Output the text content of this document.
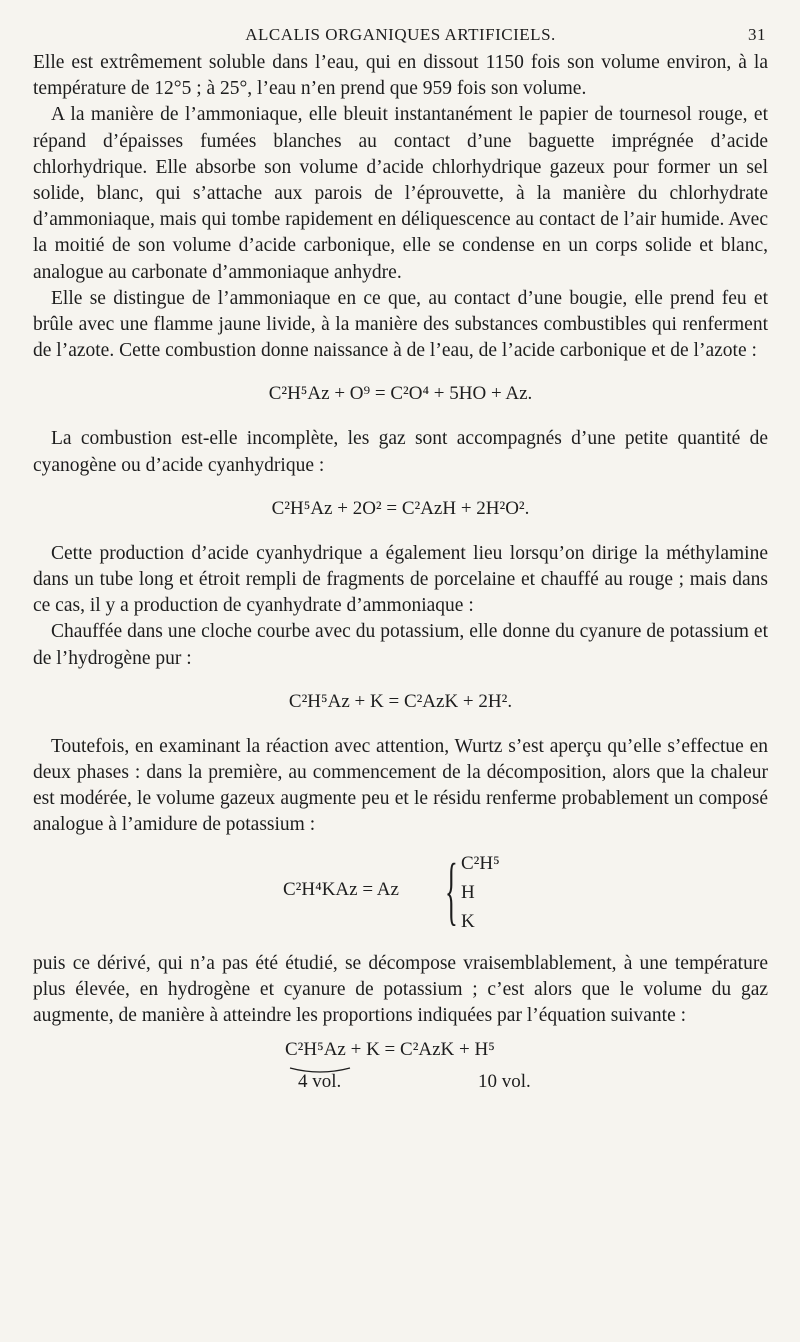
ALCALIS ORGANIQUES ARTIFICIELS.	31

Elle est extrêmement soluble dans l’eau, qui en dissout 1150 fois son volume environ, à la température de 12°5 ; à 25°, l’eau n’en prend que 959 fois son volume.

A la manière de l’ammoniaque, elle bleuit instantanément le papier de tournesol rouge, et répand d’épaisses fumées blanches au contact d’une baguette imprégnée d’acide chlorhydrique. Elle absorbe son volume d’acide chlorhydrique gazeux pour former un sel solide, blanc, qui s’attache aux parois de l’éprouvette, à la manière du chlorhydrate d’ammoniaque, mais qui tombe rapidement en déliquescence au contact de l’air humide. Avec la moitié de son volume d’acide carbonique, elle se condense en un corps solide et blanc, analogue au carbonate d’ammoniaque anhydre.

Elle se distingue de l’ammoniaque en ce que, au contact d’une bougie, elle prend feu et brûle avec une flamme jaune livide, à la manière des substances combustibles qui renferment de l’azote. Cette combustion donne naissance à de l’eau, de l’acide carbonique et de l’azote :

C²H⁵Az + O⁹ = C²O⁴ + 5HO + Az.

La combustion est-elle incomplète, les gaz sont accompagnés d’une petite quantité de cyanogène ou d’acide cyanhydrique :

C²H⁵Az + 2O² = C²AzH + 2H²O².

Cette production d’acide cyanhydrique a également lieu lorsqu’on dirige la méthylamine dans un tube long et étroit rempli de fragments de porcelaine et chauffé au rouge ; mais dans ce cas, il y a production de cyanhydrate d’ammoniaque :

Chauffée dans une cloche courbe avec du potassium, elle donne du cyanure de potassium et de l’hydrogène pur :

C²H⁵Az + K = C²AzK + 2H².

Toutefois, en examinant la réaction avec attention, Wurtz s’est aperçu qu’elle s’effectue en deux phases : dans la première, au commencement de la décomposition, alors que la chaleur est modérée, le volume gazeux augmente peu et le résidu renferme probablement un composé analogue à l’amidure de potassium :

C²H⁴KAz = Az { C²H⁵
H
K

puis ce dérivé, qui n’a pas été étudié, se décompose vraisemblablement, à une température plus élevée, en hydrogène et cyanure de potassium ; c’est alors que le volume du gaz augmente, de manière à atteindre les proportions indiquées par l’équation suivante :

C²H⁵Az + K = C²AzK + H⁵
4 vol.	10 vol.
